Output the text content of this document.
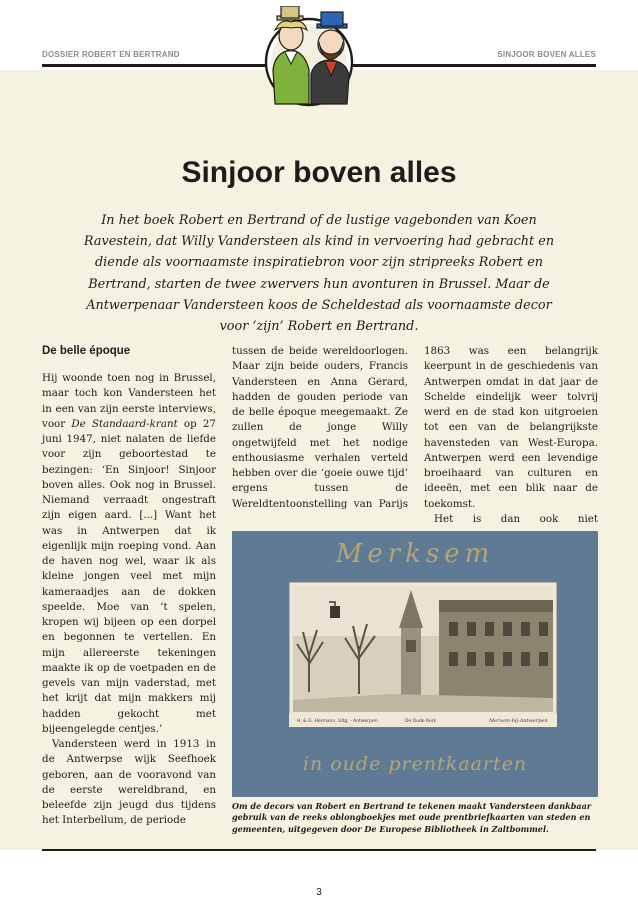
DOSSIER ROBERT EN BERTRAND	SINJOOR BOVEN ALLES
Sinjoor boven alles

In het boek Robert en Bertrand of de lustige vagebonden van Koen Ravestein, dat Willy Vandersteen als kind in vervoering had gebracht en diende als voornaamste inspiratiebron voor zijn stripreeks Robert en Bertrand, starten de twee zwervers hun avonturen in Brussel. Maar de Antwerpenaar Vandersteen koos de Scheldestad als voornaamste decor voor ‘zijn’ Robert en Bertrand.

De belle époque

Hij woonde toen nog in Brussel, maar toch kon Vandersteen het in een van zijn eerste interviews, voor De Standaard-krant op 27 juni 1947, niet nalaten de liefde voor zijn geboortestad te bezingen: ‘En Sinjoor! Sinjoor boven alles. Ook nog in Brussel. Niemand verraadt ongestraft zijn eigen aard. [...] Want het was in Antwerpen dat ik eigenlijk mijn roeping vond. Aan de haven nog wel, waar ik als kleine jongen veel met mijn kameraadjes aan de dokken speelde. Moe van ’t spelen, kropen wij bijeen op een dorpel en begonnen te vertellen. En mijn allereerste tekeningen maakte ik op de voetpaden en de gevels van mijn vaderstad, met het krijt dat mijn makkers mij hadden gekocht met bijeengelegde centjes.’

Vandersteen werd in 1913 in de Antwerpse wijk Seefhoek geboren, aan de vooravond van de eerste wereldbrand, en beleefde zijn jeugd dus tijdens het Interbellum, de periode

tussen de beide wereldoorlogen. Maar zijn beide ouders, Francis Vandersteen en Anna Gerard, hadden de gouden periode van de belle époque meegemaakt. Ze zullen de jonge Willy ongetwijfeld met het nodige enthousiasme verhalen verteld hebben over die ‘goeie ouwe tijd’ ergens tussen de Wereldtentoonstelling van Parijs

1863 was een belangrijk keerpunt in de geschiedenis van Antwerpen omdat in dat jaar de Schelde eindelijk weer tolvrij werd en de stad kon uitgroeien tot een van de belangrijkste havensteden van West-Europa. Antwerpen werd een levendige broeihaard van culturen en ideeën, met een blik naar de toekomst.

Het is dan ook niet

Merksem
H. & G. Hermann, Uitg. - Antwerpen	De Oude Kerk	Merxem-bij-Antwerpen
in oude prentkaarten

Om de decors van Robert en Bertrand te tekenen maakt Vandersteen dankbaar gebruik van de reeks oblongboekjes met oude prentbriefkaarten van steden en gemeenten, uitgegeven door De Europese Bibliotheek in Zaltbommel.

3
